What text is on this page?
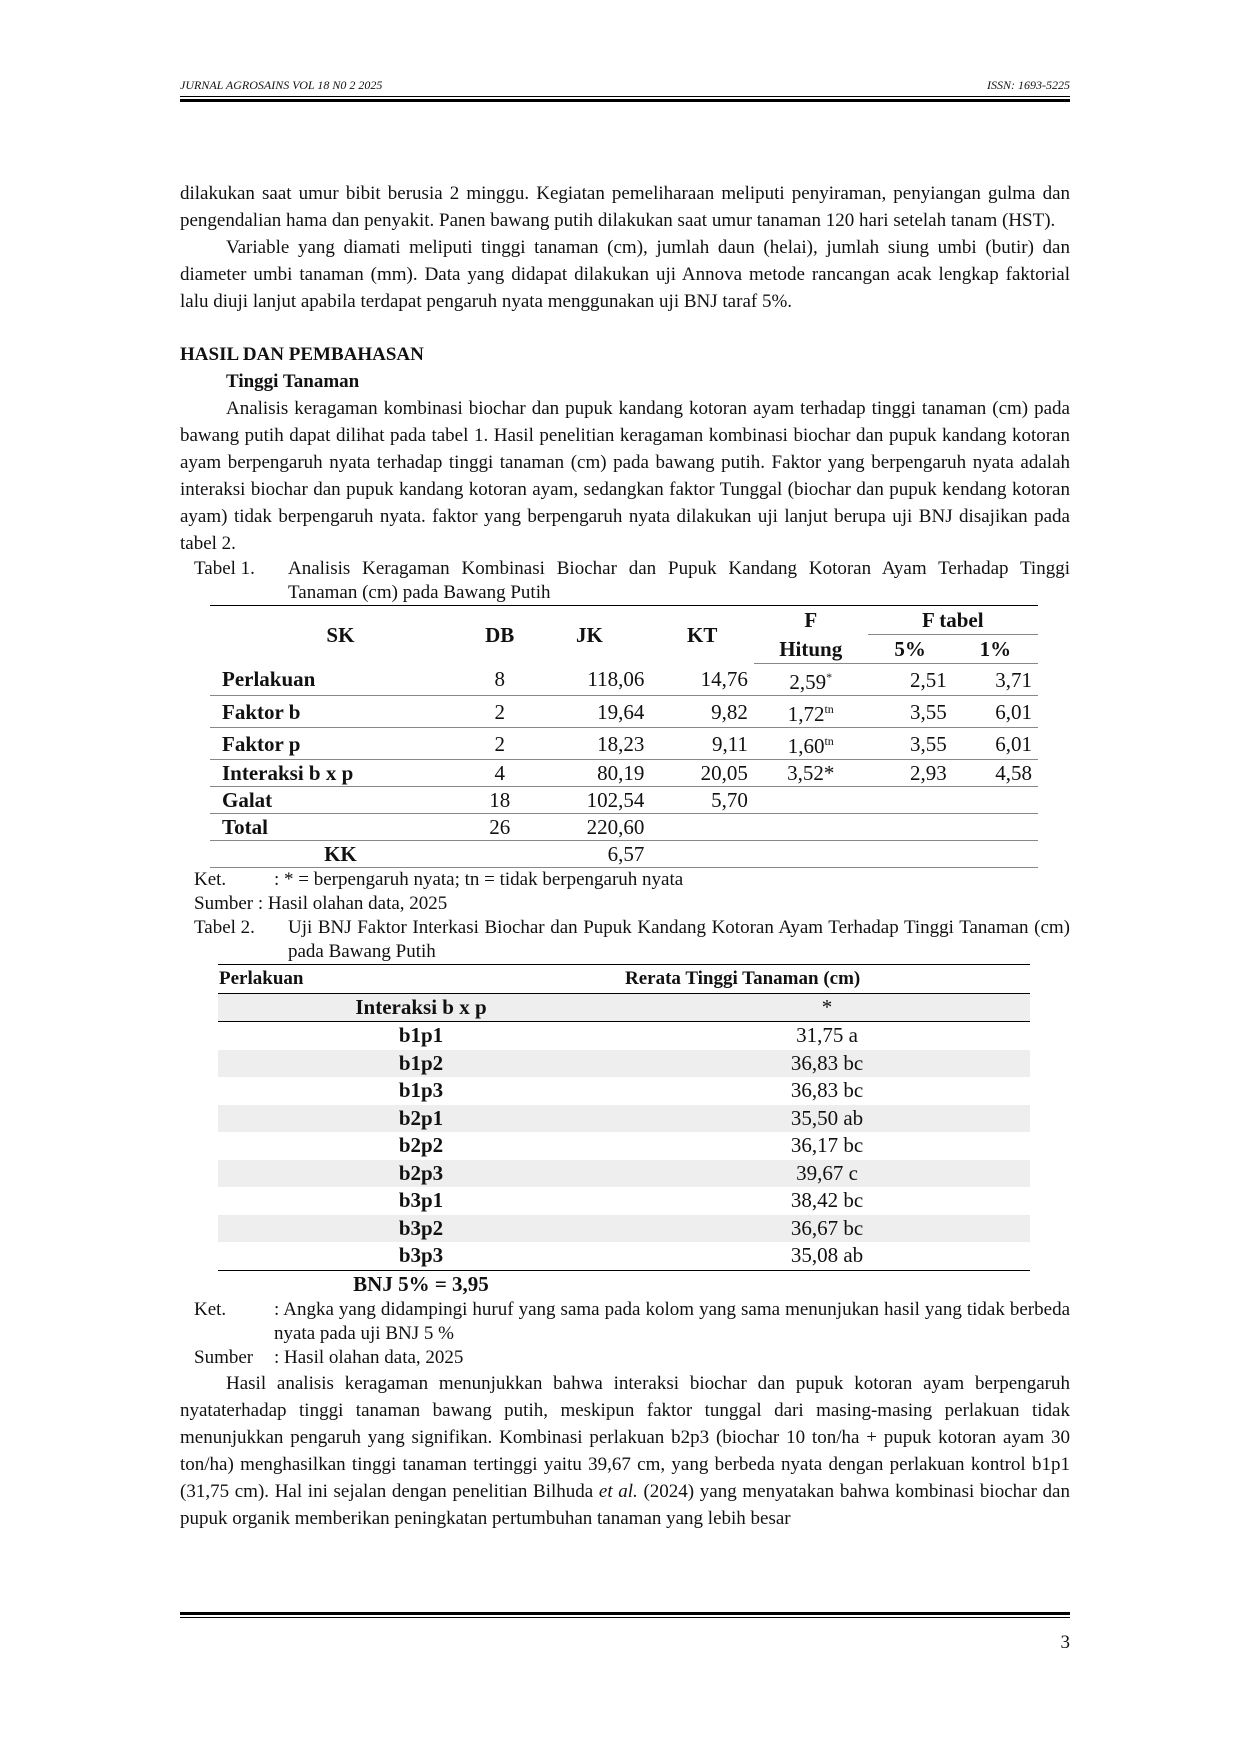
JURNAL AGROSAINS VOL 18 N0 2 2025	ISSN: 1693-5225

dilakukan saat umur bibit berusia 2 minggu. Kegiatan pemeliharaan meliputi penyiraman, penyiangan gulma dan pengendalian hama dan penyakit. Panen bawang putih dilakukan saat umur tanaman 120 hari setelah tanam (HST).

Variable yang diamati meliputi tinggi tanaman (cm), jumlah daun (helai), jumlah siung umbi (butir) dan diameter umbi tanaman (mm). Data yang didapat dilakukan uji Annova metode rancangan acak lengkap faktorial lalu diuji lanjut apabila terdapat pengaruh nyata menggunakan uji BNJ taraf 5%.

HASIL DAN PEMBAHASAN

Tinggi Tanaman

Analisis keragaman kombinasi biochar dan pupuk kandang kotoran ayam terhadap tinggi tanaman (cm) pada bawang putih dapat dilihat pada tabel 1. Hasil penelitian keragaman kombinasi biochar dan pupuk kandang kotoran ayam berpengaruh nyata terhadap tinggi tanaman (cm) pada bawang putih. Faktor yang berpengaruh nyata adalah interaksi biochar dan pupuk kandang kotoran ayam, sedangkan faktor Tunggal (biochar dan pupuk kendang kotoran ayam) tidak berpengaruh nyata. faktor yang berpengaruh nyata dilakukan uji lanjut berupa uji BNJ disajikan pada tabel 2.

Tabel 1.	Analisis Keragaman Kombinasi Biochar dan Pupuk Kandang Kotoran Ayam Terhadap Tinggi Tanaman (cm) pada Bawang Putih
SK	DB	JK	KT	F	F tabel	
				Hitung	5%	1%
Perlakuan	8	118,06	14,76	2,59*	2,51	3,71
Faktor b	2	19,64	9,82	$1,72^{tn}$	3,55	6,01
Faktor p	2	18,23	9,11	$1,60^{tn}$	3,55	6,01
Interaksi b x p	4	80,19	20,05	3,52*	2,93	4,58
Galat	18	102,54	5,70			
Total	26	220,60				
KK		6,57				
Ket.	: * = berpengaruh nyata; tn = tidak berpengaruh nyata
Sumber : Hasil olahan data, 2025
Tabel 2.	Uji BNJ Faktor Interkasi Biochar dan Pupuk Kandang Kotoran Ayam Terhadap Tinggi Tanaman (cm) pada Bawang Putih
Perlakuan	Rerata Tinggi Tanaman (cm)
Interaksi b x p	*
b1p1	31,75 a
b1p2	36,83 bc
b1p3	36,83 bc
b2p1	35,50 ab
b2p2	36,17 bc
b2p3	39,67 c
b3p1	38,42 bc
b3p2	36,67 bc
b3p3	35,08 ab
BNJ 5% = 3,95	
Ket.	: Angka yang didampingi huruf yang sama pada kolom yang sama menunjukan hasil yang tidak berbeda nyata pada uji BNJ 5 %
Sumber	: Hasil olahan data, 2025

Hasil analisis keragaman menunjukkan bahwa interaksi biochar dan pupuk kotoran ayam berpengaruh nyataterhadap tinggi tanaman bawang putih, meskipun faktor tunggal dari masing-masing perlakuan tidak menunjukkan pengaruh yang signifikan. Kombinasi perlakuan b2p3 (biochar 10 ton/ha + pupuk kotoran ayam 30 ton/ha) menghasilkan tinggi tanaman tertinggi yaitu 39,67 cm, yang berbeda nyata dengan perlakuan kontrol b1p1 (31,75 cm). Hal ini sejalan dengan penelitian Bilhuda et al. (2024) yang menyatakan bahwa kombinasi biochar dan pupuk organik memberikan peningkatan pertumbuhan tanaman yang lebih besar

3
